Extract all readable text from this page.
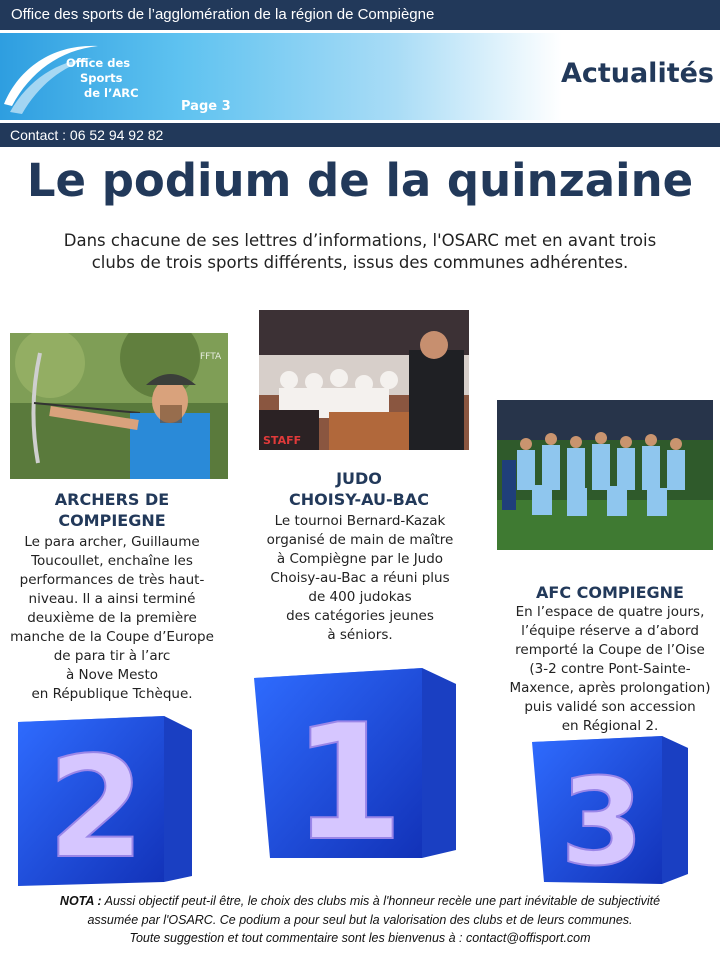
Office des sports de l’agglomération de la région de Compiègne
Office des
Sports
de l’ARC
Page 3
Actualités
Contact : 06 52 94 92 82
Le podium de la quinzaine
Dans chacune de ses lettres d’informations, l'OSARC met en avant trois clubs de trois sports différents, issus des communes adhérentes.
FFTA
STAFF
ARCHERS DE
COMPIEGNE
Le para archer, Guillaume
Toucoullet, enchaîne les
performances de très haut-
niveau. Il a ainsi terminé
deuxième de la première
manche de la Coupe d’Europe
de para tir à l’arc
à Nove Mesto
en République Tchèque.
JUDO
CHOISY-AU-BAC
Le tournoi Bernard-Kazak
organisé de main de maître
à Compiègne par le Judo
Choisy-au-Bac a réuni plus
de 400 judokas
des catégories jeunes
à séniors.
AFC COMPIEGNE
En l’espace de quatre jours,
l’équipe réserve a d’abord
remporté la Coupe de l’Oise
(3-2 contre Pont-Sainte-
Maxence, après prolongation)
puis validé son accession
en Régional 2.
2 1 3
NOTA : Aussi objectif peut-il être, le choix des clubs mis à l'honneur recèle une part inévitable de subjectivité
assumée par l'OSARC. Ce podium a pour seul but la valorisation des clubs et de leurs communes.
Toute suggestion et tout commentaire sont les bienvenus à : contact@offisport.com
